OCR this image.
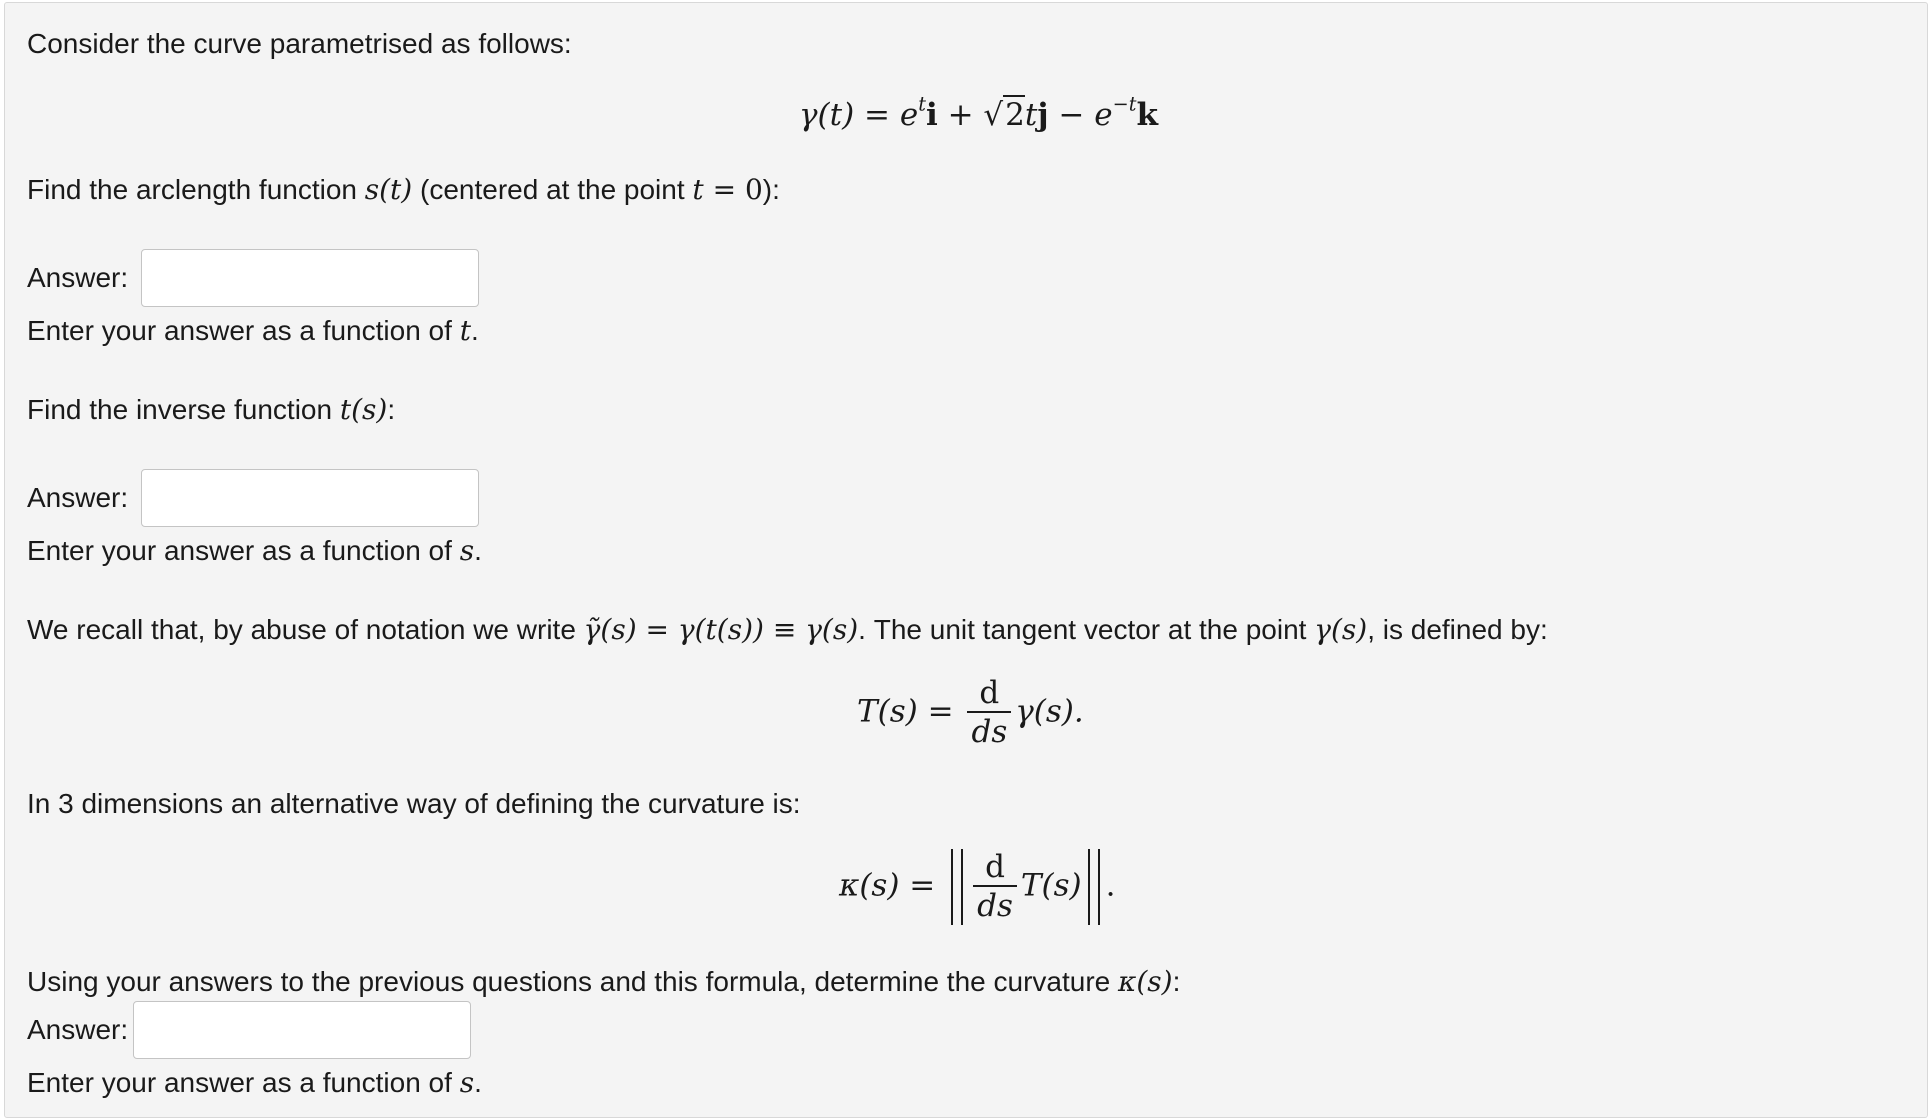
Consider the curve parametrised as follows:
$\gamma(t) = e^ti + √2tj - e^{-t}k$
Find the arclength function s(t) (centered at the point t = 0):
Answer:
Enter your answer as a function of t.
Find the inverse function t(s):
Answer:
Enter your answer as a function of s.
We recall that, by abuse of notation we write γ̃(s) = γ(t(s)) ≡ γ(s). The unit tangent vector at the point γ(s), is defined by:
$T(s) = \frac{d}{ds} \gamma(s)$.
In 3 dimensions an alternative way of defining the curvature is:
$\kappa(s) = \frac{d}{ds} T(s)$ .
Using your answers to the previous questions and this formula, determine the curvature κ(s):
Answer:
Enter your answer as a function of s.
